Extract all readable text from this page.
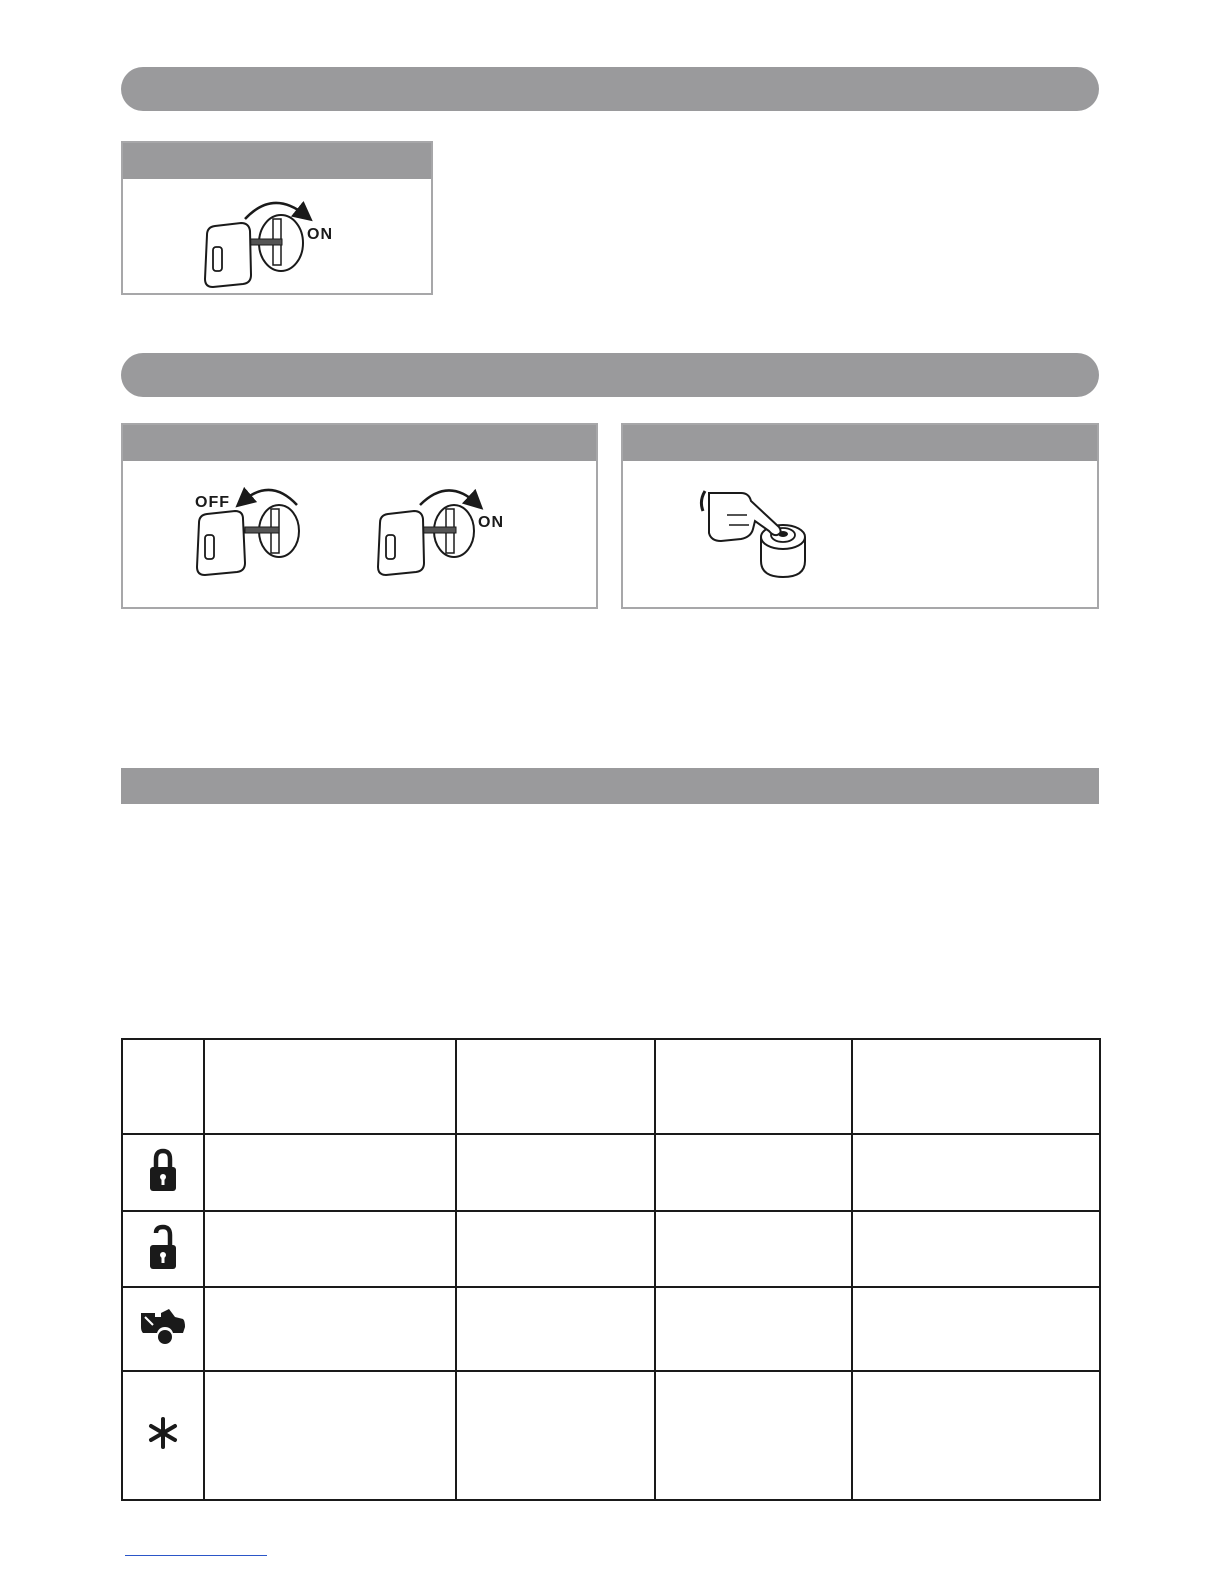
ON
OFF
ON
